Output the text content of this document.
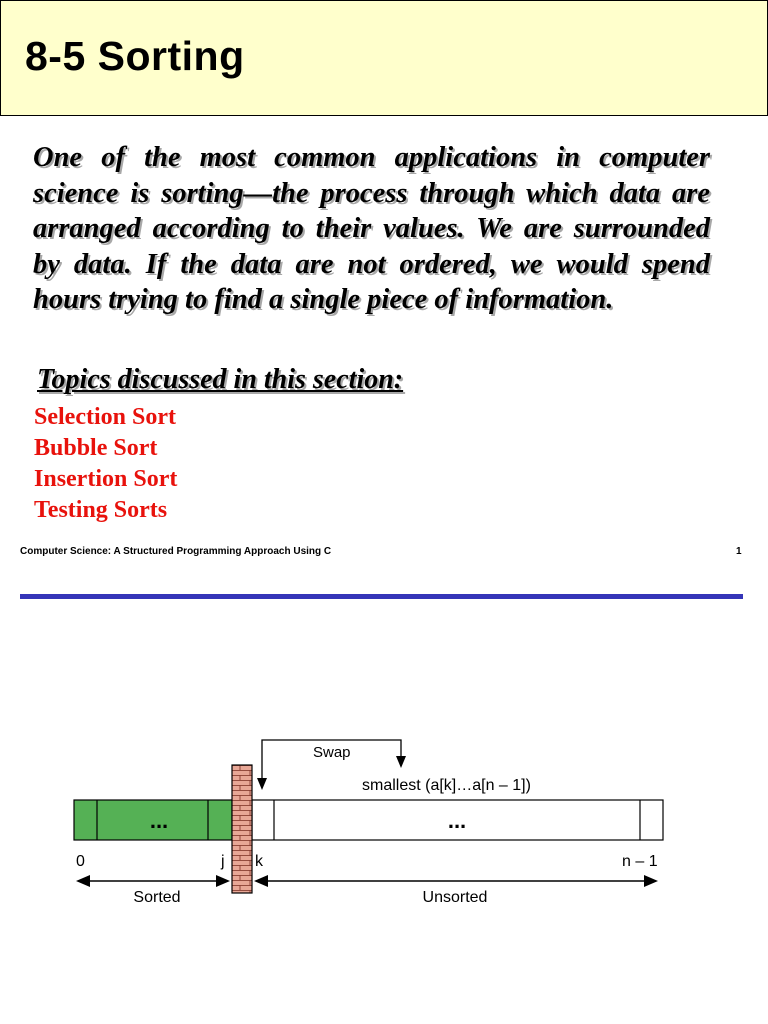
8-5 Sorting

One of the most common applications in computer science is sorting—the process through which data are arranged according to their values. We are surrounded by data. If the data are not ordered, we would spend hours trying to find a single piece of information.

Topics discussed in this section:

Selection Sort
Bubble Sort
Insertion Sort
Testing Sorts

Computer Science: A Structured Programming Approach Using C	1

...	...
Swap
smallest (a[k]…a[n – 1])
0	j k	n – 1
Sorted	Unsorted
